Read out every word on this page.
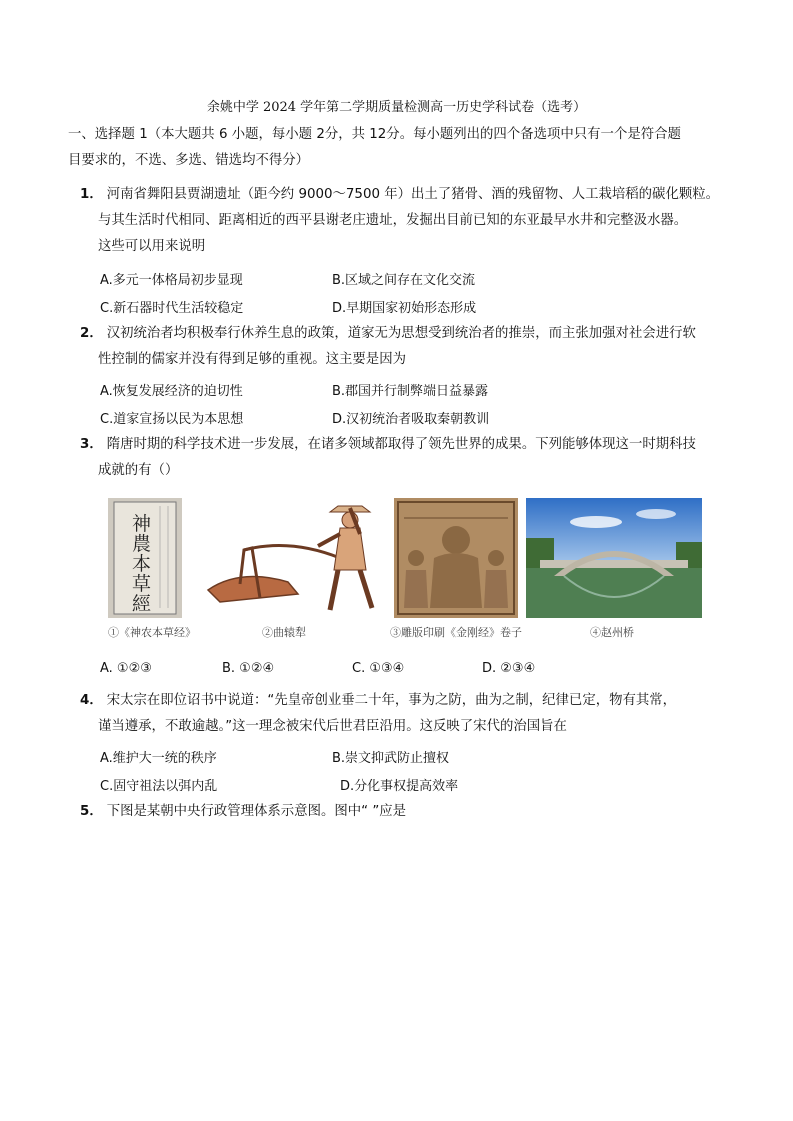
余姚中学 2024 学年第二学期质量检测高一历史学科试卷（选考）
一、选择题 1（本大题共 6 小题，每小题 2分，共 12分。每小题列出的四个备选项中只有一个是符合题
目要求的，不选、多选、错选均不得分）
1． 河南省舞阳县贾湖遗址（距今约 9000～7500 年）出土了猪骨、酒的残留物、人工栽培稻的碳化颗粒。
与其生活时代相同、距离相近的西平县谢老庄遗址，发掘出目前已知的东亚最早水井和完整汲水器。
这些可以用来说明
A.多元一体格局初步显现	B.区域之间存在文化交流
C.新石器时代生活较稳定	D.早期国家初始形态形成
2． 汉初统治者均积极奉行休养生息的政策，道家无为思想受到统治者的推崇，而主张加强对社会进行软
性控制的儒家并没有得到足够的重视。这主要是因为
A.恢复发展经济的迫切性	B.郡国并行制弊端日益暴露
C.道家宣扬以民为本思想	D.汉初统治者吸取秦朝教训
3． 隋唐时期的科学技术进一步发展，在诸多领域都取得了领先世界的成果。下列能够体现这一时期科技
成就的有（）
神農本草經
①《神农本草经》	②曲辕犁	③雕版印刷《金刚经》卷子	④赵州桥
A. ①②③	B. ①②④	C. ①③④	D. ②③④
4． 宋太宗在即位诏书中说道：“先皇帝创业垂二十年，事为之防，曲为之制，纪律已定，物有其常，
谨当遵承，不敢逾越。”这一理念被宋代后世君臣沿用。这反映了宋代的治国旨在
A.维护大一统的秩序	B.崇文抑武防止擅权
C.固守祖法以弭内乱	D.分化事权提高效率
5． 下图是某朝中央行政管理体系示意图。图中“ ”应是
